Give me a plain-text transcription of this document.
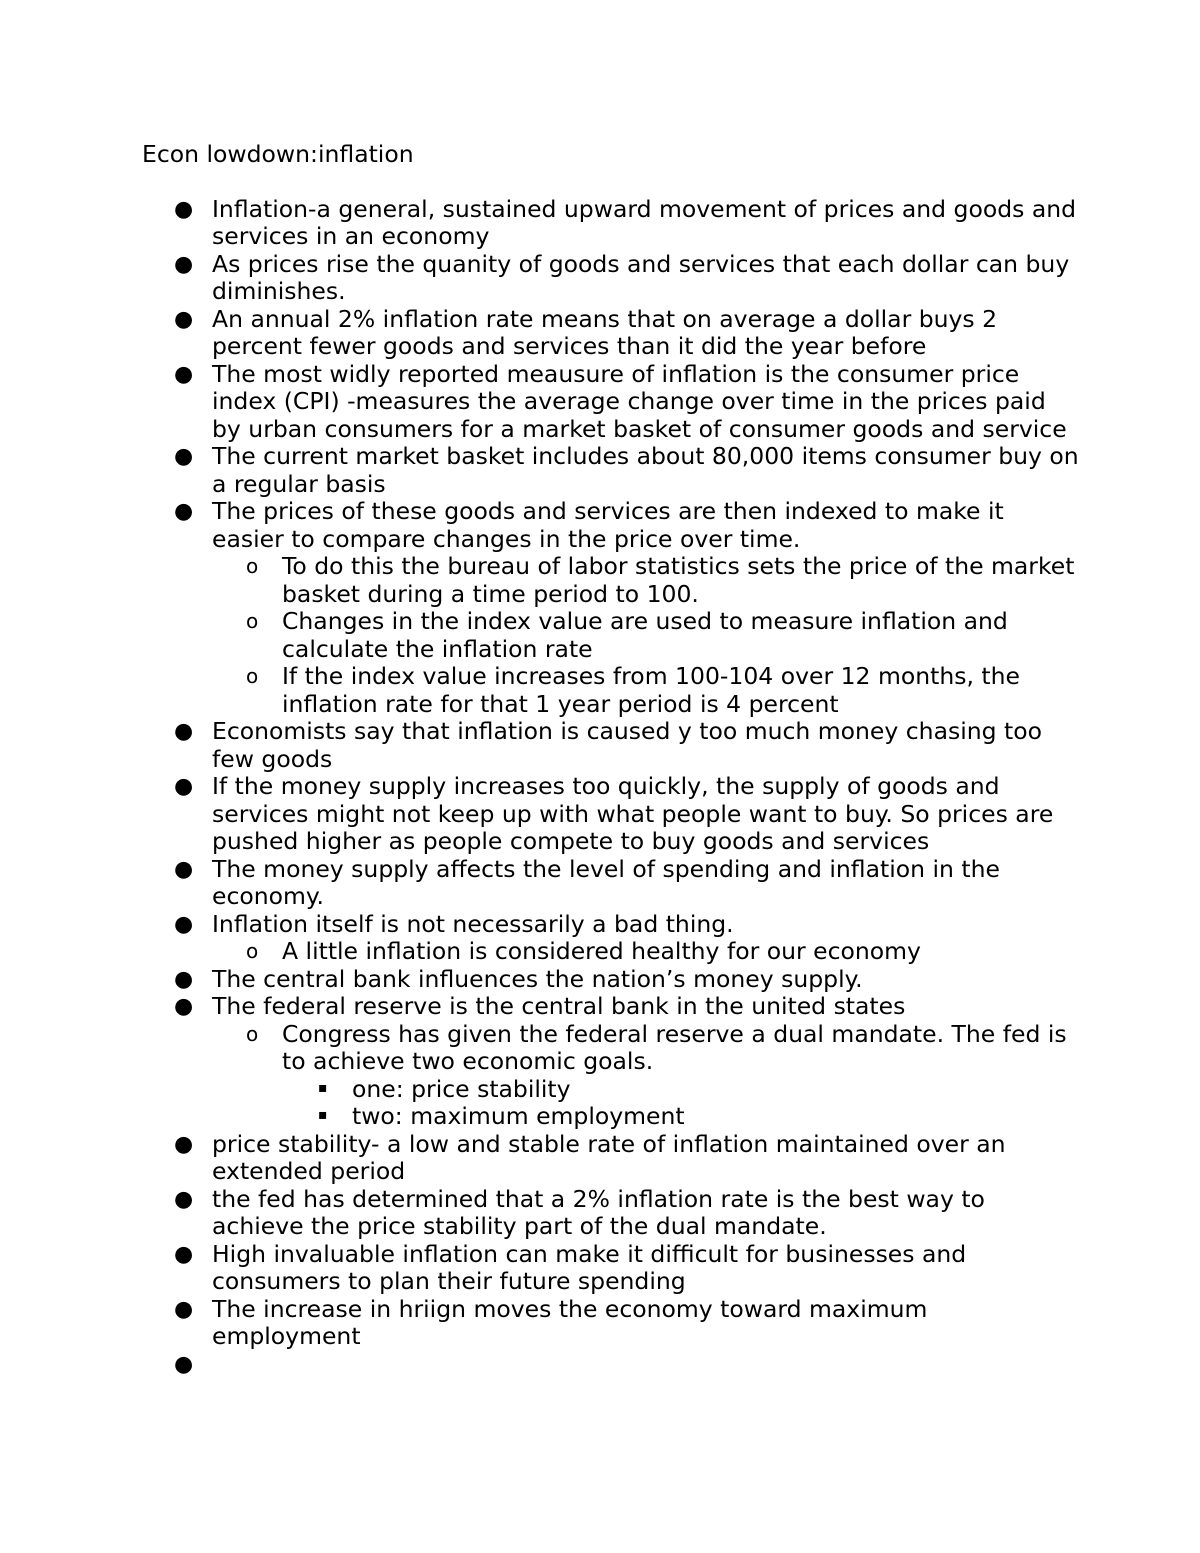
Econ lowdown:inflation
● Inflation-a general, sustained upward movement of prices and goods and services in an economy
● As prices rise the quanity of goods and services that each dollar can buy diminishes.
● An annual 2% inflation rate means that on average a dollar buys 2 percent fewer goods and services than it did the year before
● The most widly reported meausure of inflation is the consumer price index (CPI) -measures the average change over time in the prices paid by urban consumers for a market basket of consumer goods and service
● The current market basket includes about 80,000 items consumer buy on a regular basis
● The prices of these goods and services are then indexed to make it easier to compare changes in the price over time.
o	To do this the bureau of labor statistics sets the price of the market basket during a time period to 100.
o	Changes in the index value are used to measure inflation and calculate the inflation rate
o	If the index value increases from 100-104 over 12 months, the inflation rate for that 1 year period is 4 percent
● Economists say that inflation is caused y too much money chasing too few goods
● If the money supply increases too quickly, the supply of goods and services might not keep up with what people want to buy. So prices are pushed higher as people compete to buy goods and services
● The money supply affects the level of spending and inflation in the economy.
● Inflation itself is not necessarily a bad thing.
o	A little inflation is considered healthy for our economy
● The central bank influences the nation’s money supply.
● The federal reserve is the central bank in the united states
o	Congress has given the federal reserve a dual mandate. The fed is to achieve two economic goals.
▪	one: price stability
▪	two: maximum employment
● price stability- a low and stable rate of inflation maintained over an extended period
● the fed has determined that a 2% inflation rate is the best way to achieve the price stability part of the dual mandate.
● High invaluable inflation can make it difficult for businesses and consumers to plan their future spending
● The increase in hriign moves the economy toward maximum employment
●
